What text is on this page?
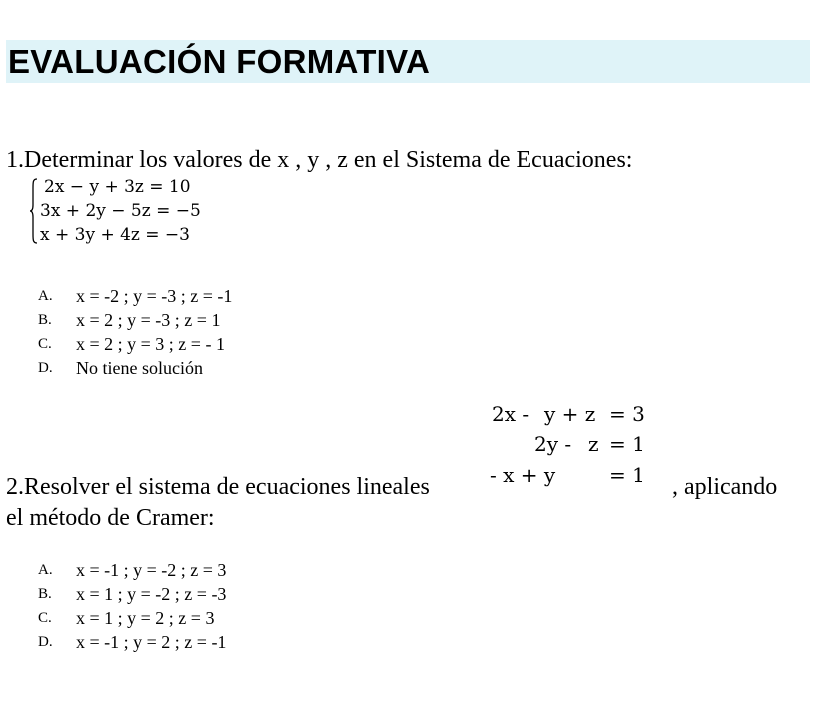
EVALUACIÓN FORMATIVA
1.Determinar los valores de x , y , z en el Sistema de Ecuaciones:
2x − y + 3z = 10
3x + 2y − 5z = −5
x + 3y + 4z = −3
A. x = -2 ; y = -3 ; z = -1
B. x = 2 ; y = -3 ; z = 1
C. x = 2 ; y = 3 ; z = - 1
D. No tiene solución
2x - y + z = 3
2y - z = 1
- x + y	= 1
2.Resolver el sistema de ecuaciones lineales	, aplicando
el método de Cramer:
A. x = -1 ; y = -2 ; z = 3
B. x = 1 ; y = -2 ; z = -3
C. x = 1 ; y = 2 ; z = 3
D. x = -1 ; y = 2 ; z = -1
